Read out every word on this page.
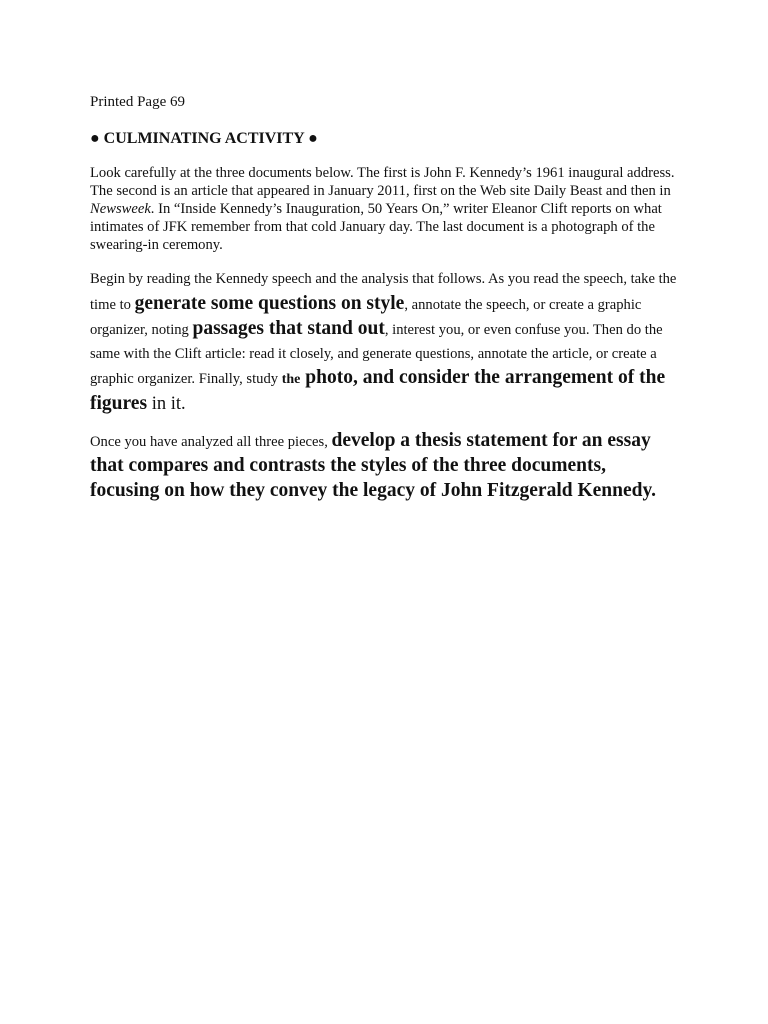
Printed Page 69
● CULMINATING ACTIVITY ●

Look carefully at the three documents below. The first is John F. Kennedy’s 1961 inaugural address. The second is an article that appeared in January 2011, first on the Web site Daily Beast and then in Newsweek. In “Inside Kennedy’s Inauguration, 50 Years On,” writer Eleanor Clift reports on what intimates of JFK remember from that cold January day. The last document is a photograph of the swearing-in ceremony.

Begin by reading the Kennedy speech and the analysis that follows. As you read the speech, take the time to generate some questions on style, annotate the speech, or create a graphic organizer, noting passages that stand out, interest you, or even confuse you. Then do the same with the Clift article: read it closely, and generate questions, annotate the article, or create a graphic organizer. Finally, study the photo, and consider the arrangement of the figures in it.

Once you have analyzed all three pieces, develop a thesis statement for an essay that compares and contrasts the styles of the three documents, focusing on how they convey the legacy of John Fitzgerald Kennedy.
